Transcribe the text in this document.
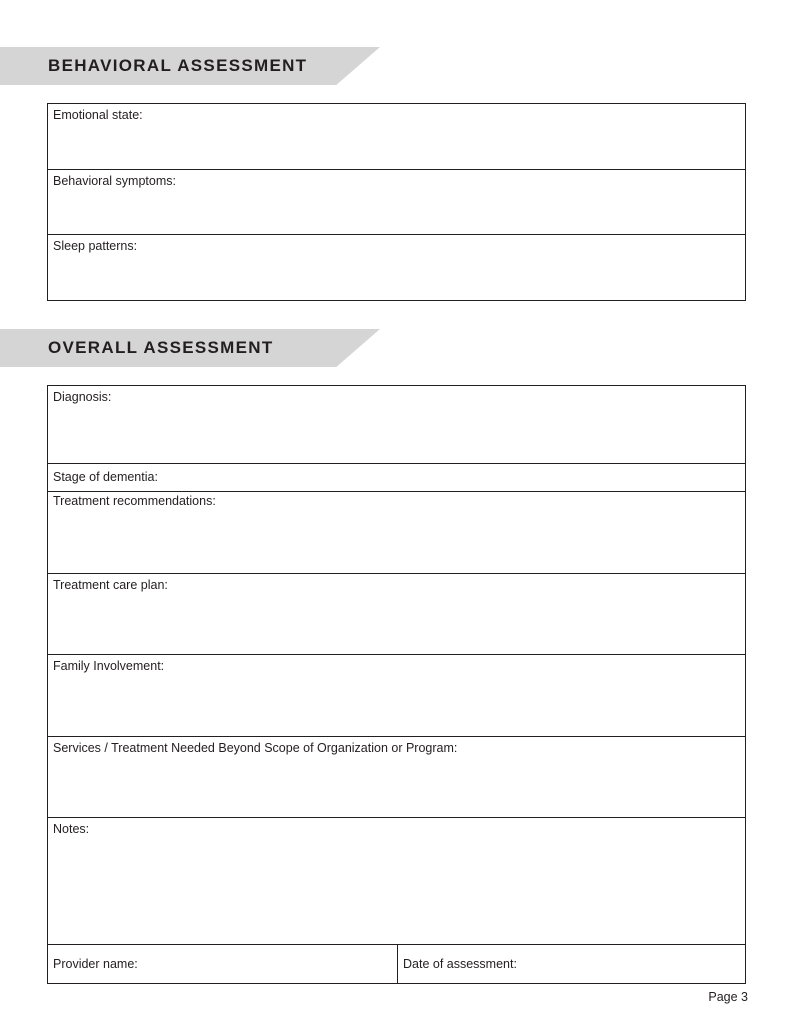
BEHAVIORAL ASSESSMENT
Emotional state:
Behavioral symptoms:
Sleep patterns:
OVERALL ASSESSMENT
Diagnosis:
Stage of dementia:
Treatment recommendations:
Treatment care plan:
Family Involvement:
Services / Treatment Needed Beyond Scope of Organization or Program:
Notes:
Provider name:	Date of assessment:
Page 3
